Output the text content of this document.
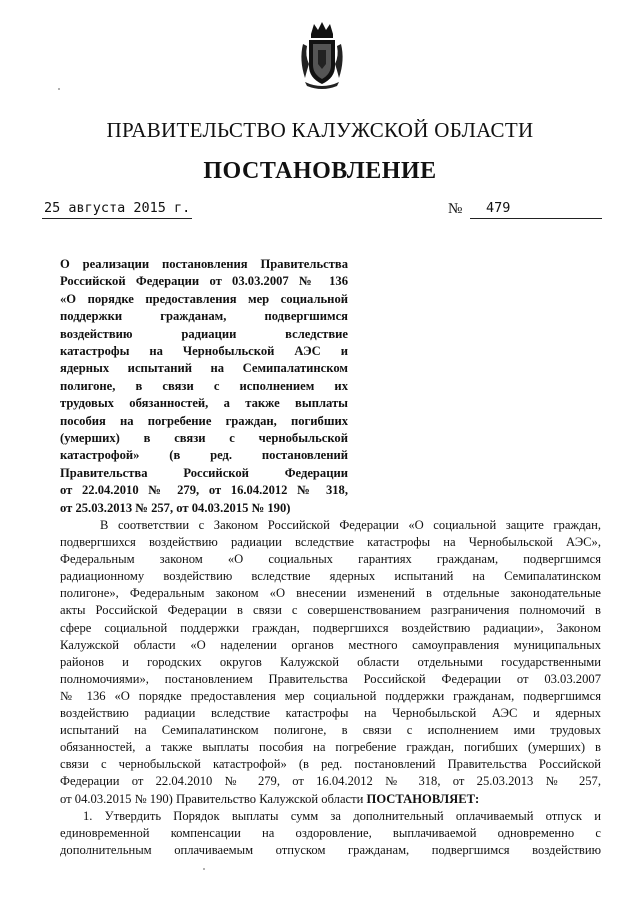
ПРАВИТЕЛЬСТВО КАЛУЖСКОЙ ОБЛАСТИ
ПОСТАНОВЛЕНИЕ
25 августа 2015 г.	№ 479
О реализации постановления Правительства
Российской Федерации от 03.03.2007 № 136
«О порядке предоставления мер социальной
поддержки гражданам, подвергшимся
воздействию радиации вследствие
катастрофы на Чернобыльской АЭС и
ядерных испытаний на Семипалатинском
полигоне, в связи с исполнением их
трудовых обязанностей, а также выплаты
пособия на погребение граждан, погибших
(умерших) в связи с чернобыльской
катастрофой» (в ред. постановлений
Правительства Российской Федерации
от 22.04.2010 № 279, от 16.04.2012 № 318,
от 25.03.2013 № 257, от 04.03.2015 № 190)
В соответствии с Законом Российской Федерации «О социальной защите граждан,
подвергшихся воздействию радиации вследствие катастрофы на Чернобыльской АЭС»,
Федеральным законом «О социальных гарантиях гражданам, подвергшимся
радиационному воздействию вследствие ядерных испытаний на Семипалатинском
полигоне», Федеральным законом «О внесении изменений в отдельные законодательные
акты Российской Федерации в связи с совершенствованием разграничения полномочий в
сфере социальной поддержки граждан, подвергшихся воздействию радиации», Законом
Калужской области «О наделении органов местного самоуправления муниципальных
районов и городских округов Калужской области отдельными государственными
полномочиями», постановлением Правительства Российской Федерации от 03.03.2007
№ 136 «О порядке предоставления мер социальной поддержки гражданам, подвергшимся
воздействию радиации вследствие катастрофы на Чернобыльской АЭС и ядерных
испытаний на Семипалатинском полигоне, в связи с исполнением ими трудовых
обязанностей, а также выплаты пособия на погребение граждан, погибших (умерших) в
связи с чернобыльской катастрофой» (в ред. постановлений Правительства Российской
Федерации от 22.04.2010 № 279, от 16.04.2012 № 318, от 25.03.2013 № 257,
от 04.03.2015 № 190) Правительство Калужской области ПОСТАНОВЛЯЕТ:
1. Утвердить Порядок выплаты сумм за дополнительный оплачиваемый отпуск и
единовременной компенсации на оздоровление, выплачиваемой одновременно с
дополнительным оплачиваемым отпуском гражданам, подвергшимся воздействию
